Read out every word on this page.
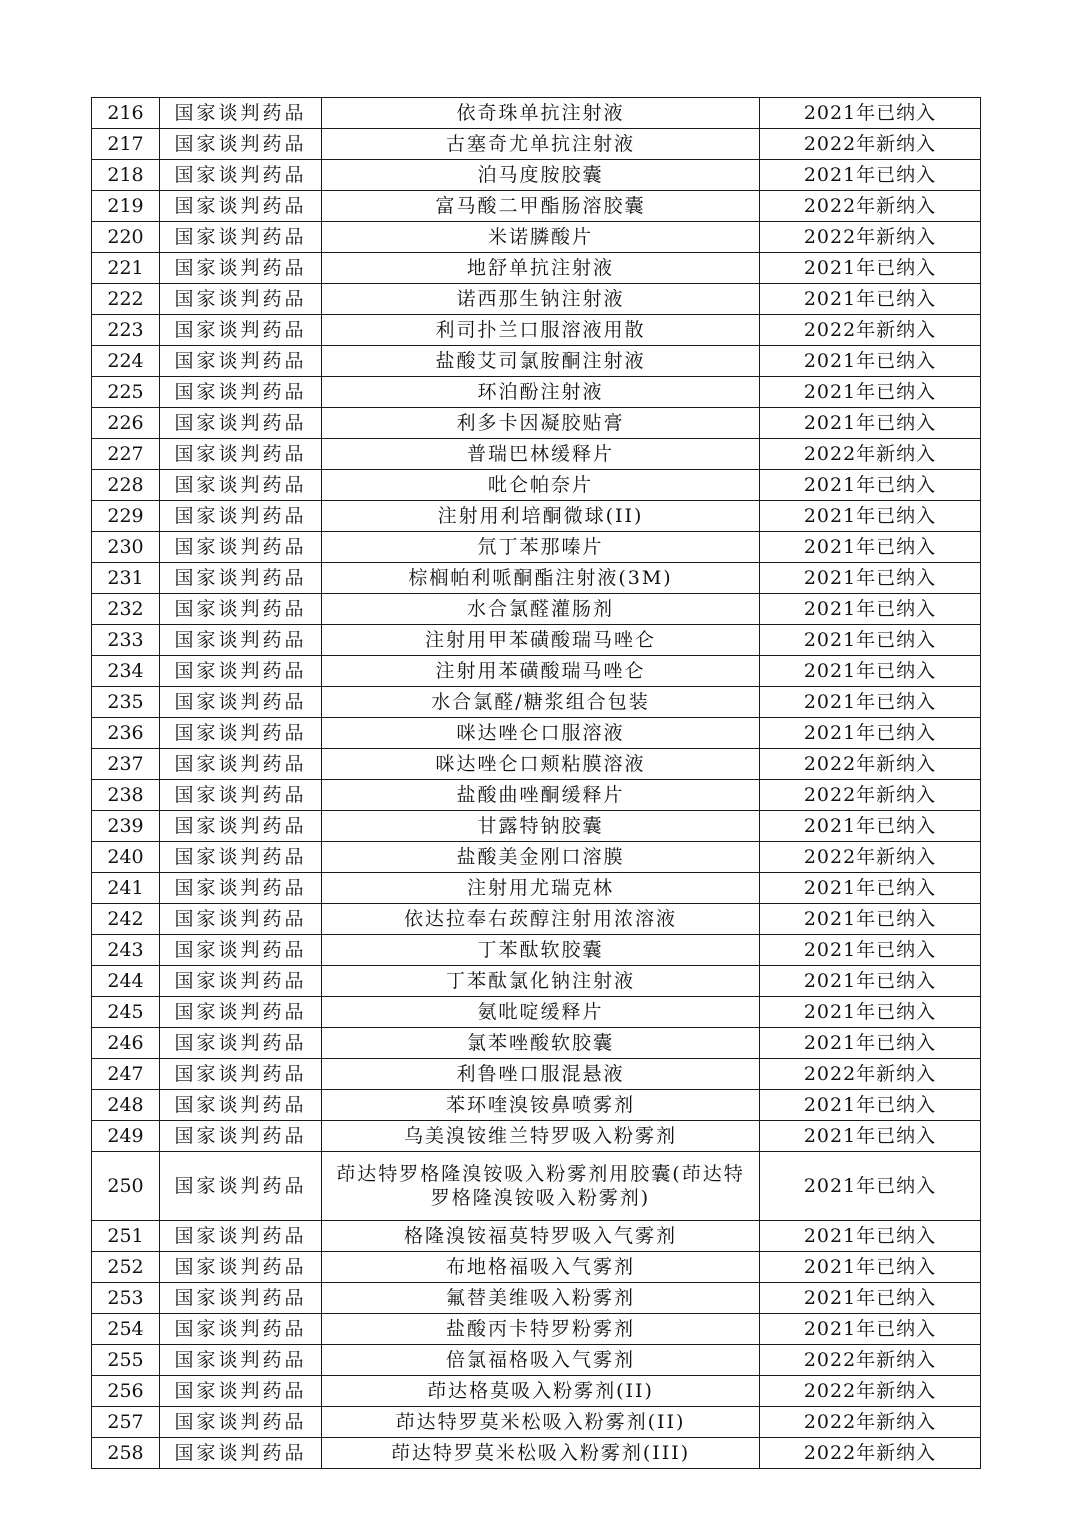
216	国家谈判药品	依奇珠单抗注射液	2021年已纳入
217	国家谈判药品	古塞奇尤单抗注射液	2022年新纳入
218	国家谈判药品	泊马度胺胶囊	2021年已纳入
219	国家谈判药品	富马酸二甲酯肠溶胶囊	2022年新纳入
220	国家谈判药品	米诺膦酸片	2022年新纳入
221	国家谈判药品	地舒单抗注射液	2021年已纳入
222	国家谈判药品	诺西那生钠注射液	2021年已纳入
223	国家谈判药品	利司扑兰口服溶液用散	2022年新纳入
224	国家谈判药品	盐酸艾司氯胺酮注射液	2021年已纳入
225	国家谈判药品	环泊酚注射液	2021年已纳入
226	国家谈判药品	利多卡因凝胶贴膏	2021年已纳入
227	国家谈判药品	普瑞巴林缓释片	2022年新纳入
228	国家谈判药品	吡仑帕奈片	2021年已纳入
229	国家谈判药品	注射用利培酮微球(II)	2021年已纳入
230	国家谈判药品	氘丁苯那嗪片	2021年已纳入
231	国家谈判药品	棕榈帕利哌酮酯注射液(3M)	2021年已纳入
232	国家谈判药品	水合氯醛灌肠剂	2021年已纳入
233	国家谈判药品	注射用甲苯磺酸瑞马唑仑	2021年已纳入
234	国家谈判药品	注射用苯磺酸瑞马唑仑	2021年已纳入
235	国家谈判药品	水合氯醛/糖浆组合包装	2021年已纳入
236	国家谈判药品	咪达唑仑口服溶液	2021年已纳入
237	国家谈判药品	咪达唑仑口颊粘膜溶液	2022年新纳入
238	国家谈判药品	盐酸曲唑酮缓释片	2022年新纳入
239	国家谈判药品	甘露特钠胶囊	2021年已纳入
240	国家谈判药品	盐酸美金刚口溶膜	2022年新纳入
241	国家谈判药品	注射用尤瑞克林	2021年已纳入
242	国家谈判药品	依达拉奉右莰醇注射用浓溶液	2021年已纳入
243	国家谈判药品	丁苯酞软胶囊	2021年已纳入
244	国家谈判药品	丁苯酞氯化钠注射液	2021年已纳入
245	国家谈判药品	氨吡啶缓释片	2021年已纳入
246	国家谈判药品	氯苯唑酸软胶囊	2021年已纳入
247	国家谈判药品	利鲁唑口服混悬液	2022年新纳入
248	国家谈判药品	苯环喹溴铵鼻喷雾剂	2021年已纳入
249	国家谈判药品	乌美溴铵维兰特罗吸入粉雾剂	2021年已纳入
250	国家谈判药品	茚达特罗格隆溴铵吸入粉雾剂用胶囊(茚达特罗格隆溴铵吸入粉雾剂)	2021年已纳入
251	国家谈判药品	格隆溴铵福莫特罗吸入气雾剂	2021年已纳入
252	国家谈判药品	布地格福吸入气雾剂	2021年已纳入
253	国家谈判药品	氟替美维吸入粉雾剂	2021年已纳入
254	国家谈判药品	盐酸丙卡特罗粉雾剂	2021年已纳入
255	国家谈判药品	倍氯福格吸入气雾剂	2022年新纳入
256	国家谈判药品	茚达格莫吸入粉雾剂(II)	2022年新纳入
257	国家谈判药品	茚达特罗莫米松吸入粉雾剂(II)	2022年新纳入
258	国家谈判药品	茚达特罗莫米松吸入粉雾剂(III)	2022年新纳入
